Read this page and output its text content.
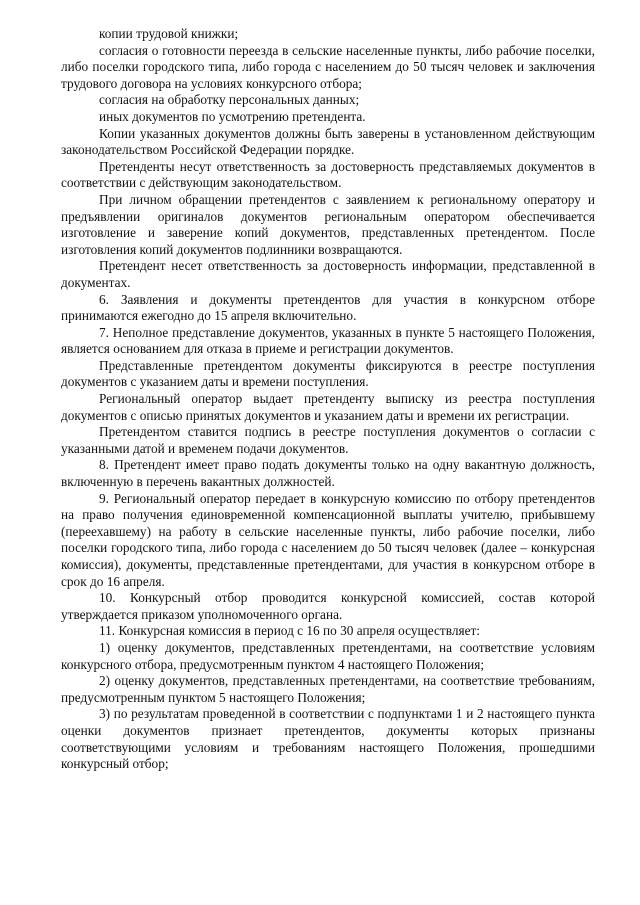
копии трудовой книжки;

согласия о готовности переезда в сельские населенные пункты, либо рабочие поселки, либо поселки городского типа, либо города с населением до 50 тысяч человек и заключения трудового договора на условиях конкурсного отбора;

согласия на обработку персональных данных;

иных документов по усмотрению претендента.

Копии указанных документов должны быть заверены в установленном действующим законодательством Российской Федерации порядке.

Претенденты несут ответственность за достоверность представляемых документов в соответствии с действующим законодательством.

При личном обращении претендентов с заявлением к региональному оператору и предъявлении оригиналов документов региональным оператором обеспечивается изготовление и заверение копий документов, представленных претендентом. После изготовления копий документов подлинники возвращаются.

Претендент несет ответственность за достоверность информации, представленной в документах.

6. Заявления и документы претендентов для участия в конкурсном отборе принимаются ежегодно до 15 апреля включительно.

7. Неполное представление документов, указанных в пункте 5 настоящего Положения, является основанием для отказа в приеме и регистрации документов.

Представленные претендентом документы фиксируются в реестре поступления документов с указанием даты и времени поступления.

Региональный оператор выдает претенденту выписку из реестра поступления документов с описью принятых документов и указанием даты и времени их регистрации.

Претендентом ставится подпись в реестре поступления документов о согласии с указанными датой и временем подачи документов.

8. Претендент имеет право подать документы только на одну вакантную должность, включенную в перечень вакантных должностей.

9. Региональный оператор передает в конкурсную комиссию по отбору претендентов на право получения единовременной компенсационной выплаты учителю, прибывшему (переехавшему) на работу в сельские населенные пункты, либо рабочие поселки, либо поселки городского типа, либо города с населением до 50 тысяч человек (далее – конкурсная комиссия), документы, представленные претендентами, для участия в конкурсном отборе в срок до 16 апреля.

10. Конкурсный отбор проводится конкурсной комиссией, состав которой утверждается приказом уполномоченного органа.

11. Конкурсная комиссия в период с 16 по 30 апреля осуществляет:

1) оценку документов, представленных претендентами, на соответствие условиям конкурсного отбора, предусмотренным пунктом 4 настоящего Положения;

2) оценку документов, представленных претендентами, на соответствие требованиям, предусмотренным пунктом 5 настоящего Положения;

3) по результатам проведенной в соответствии с подпунктами 1 и 2 настоящего пункта оценки документов признает претендентов, документы которых признаны соответствующими условиям и требованиям настоящего Положения, прошедшими конкурсный отбор;
